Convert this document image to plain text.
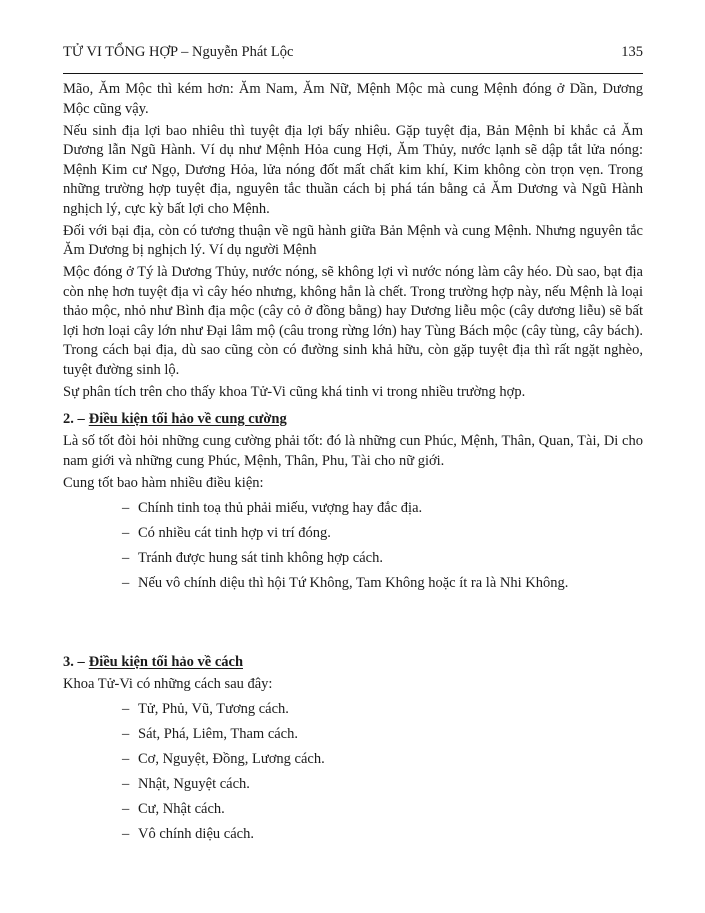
TỬ VI TỔNG HỢP – Nguyễn Phát Lộc	135

Mão, Ăm Mộc thì kém hơn: Ăm Nam, Ăm Nữ, Mệnh Mộc mà cung Mệnh đóng ở Dần, Dương Mộc cũng vậy.

Nếu sinh địa lợi bao nhiêu thì tuyệt địa lợi bấy nhiêu. Gặp tuyệt địa, Bản Mệnh bỉ khắc cả Ăm Dương lẫn Ngũ Hành. Ví dụ như Mệnh Hỏa cung Hợi, Ăm Thủy, nước lạnh sẽ dập tắt lửa nóng: Mệnh Kim cư Ngọ, Dương Hỏa, lửa nóng đốt mất chất kim khí, Kim không còn trọn vẹn. Trong những trường hợp tuyệt địa, nguyên tắc thuần cách bị phá tán bằng cả Ăm Dương và Ngũ Hành nghịch lý, cực kỳ bất lợi cho Mệnh.

Đối với bại địa, còn có tương thuận về ngũ hành giữa Bản Mệnh và cung Mệnh. Nhưng nguyên tắc Ăm Dương bị nghịch lý. Ví dụ người Mệnh

Mộc đóng ở Tý là Dương Thủy, nước nóng, sẽ không lợi vì nước nóng làm cây héo. Dù sao, bạt địa còn nhẹ hơn tuyệt địa vì cây héo nhưng, không hẳn là chết. Trong trường hợp này, nếu Mệnh là loại thảo mộc, nhỏ như Bình địa mộc (cây cỏ ở đồng bằng) hay Dương liễu mộc (cây dương liễu) sẽ bất lợi hơn loại cây lớn như Đại lâm mộ (câu trong rừng lớn) hay Tùng Bách mộc (cây tùng, cây bách). Trong cách bại địa, dù sao cũng còn có đường sinh khả hữu, còn gặp tuyệt địa thì rất ngặt nghèo, tuyệt đường sinh lộ.

Sự phân tích trên cho thấy khoa Tử-Vi cũng khá tinh vi trong nhiều trường hợp.

2. – Điều kiện tối hảo về cung cường

Là số tốt đòi hỏi những cung cường phải tốt: đó là những cun Phúc, Mệnh, Thân, Quan, Tài, Di cho nam giới và những cung Phúc, Mệnh, Thân, Phu, Tài cho nữ giới.

Cung tốt bao hàm nhiều điều kiện:

– Chính tinh toạ thủ phải miếu, vượng hay đắc địa.
– Có nhiều cát tinh hợp vi trí đóng.
– Tránh được hung sát tinh không hợp cách.
– Nếu vô chính diệu thì hội Tứ Không, Tam Không hoặc ít ra là Nhi Không.
3. – Điều kiện tối hảo về cách

Khoa Tử-Vi có những cách sau đây:

– Tử, Phủ, Vũ, Tương cách.
– Sát, Phá, Liêm, Tham cách.
– Cơ, Nguyệt, Đồng, Lương cách.
– Nhật, Nguyệt cách.
– Cư, Nhật cách.
– Vô chính diệu cách.
